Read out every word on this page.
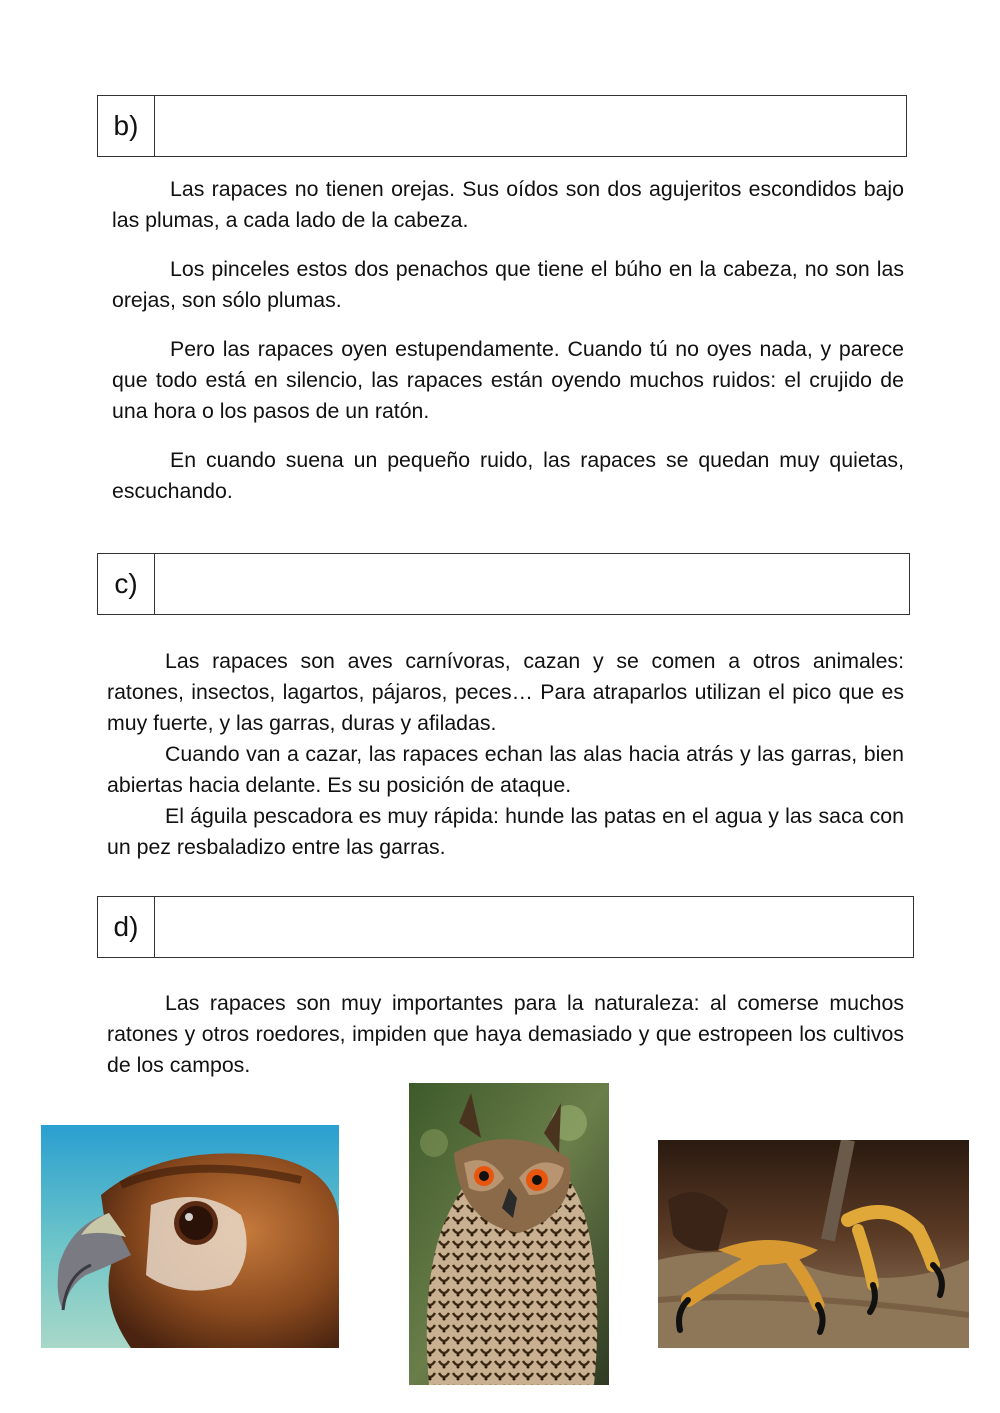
b)

Las rapaces no tienen orejas. Sus oídos son dos agujeritos escondidos bajo las plumas, a cada lado de la cabeza.

Los pinceles estos dos penachos que tiene el búho en la cabeza, no son las orejas, son sólo plumas.

Pero las rapaces oyen estupendamente. Cuando tú no oyes nada, y parece que todo está en silencio, las rapaces están oyendo muchos ruidos: el crujido de una hora o los pasos de un ratón.

En cuando suena un pequeño ruido, las rapaces se quedan muy quietas, escuchando.

c)

Las rapaces son aves carnívoras, cazan y se comen a otros animales: ratones, insectos, lagartos, pájaros, peces… Para atraparlos utilizan el pico que es muy fuerte, y las garras, duras y afiladas.

Cuando van a cazar, las rapaces echan las alas hacia atrás y las garras, bien abiertas hacia delante. Es su posición de ataque.

El águila pescadora es muy rápida: hunde las patas en el agua y las saca con un pez resbaladizo entre las garras.

d)

Las rapaces son muy importantes para la naturaleza: al comerse muchos ratones y otros roedores, impiden que haya demasiado y que estropeen los cultivos de los campos.
